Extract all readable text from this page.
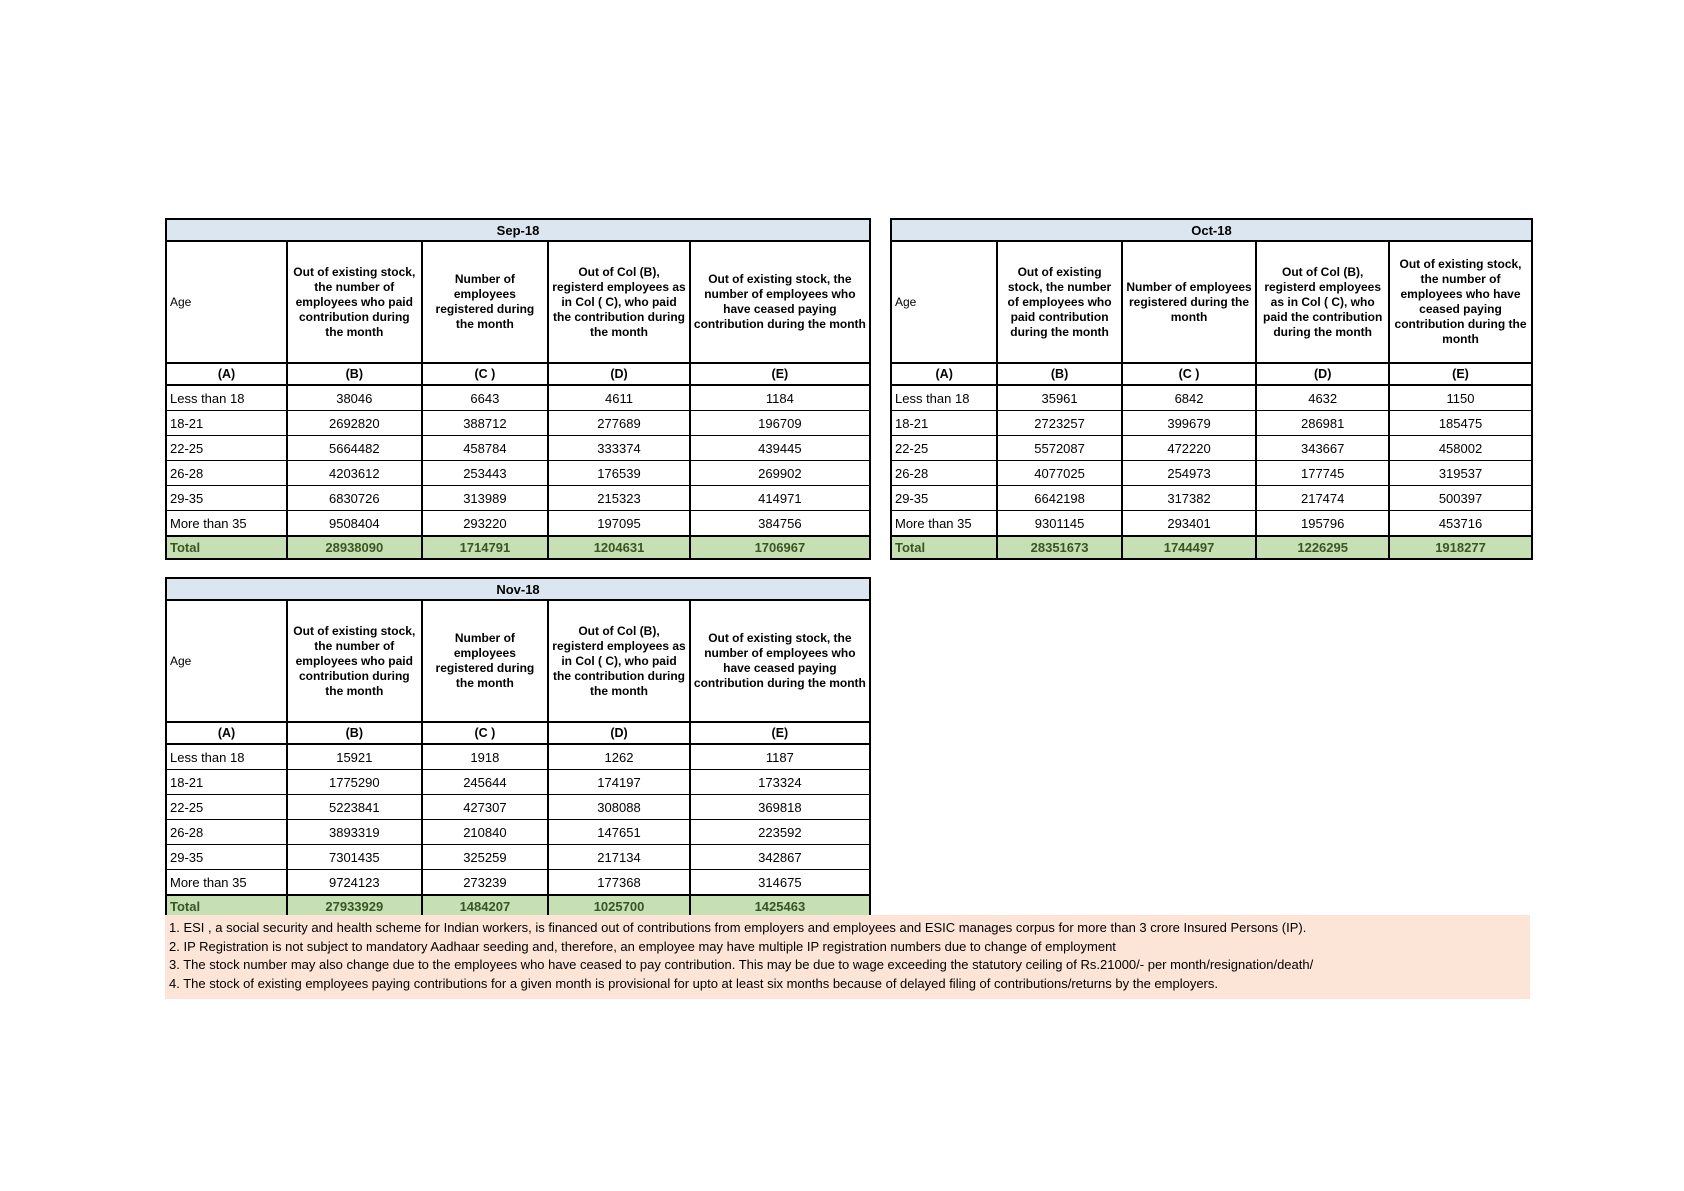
Sep-18				
Age	Out of existing stock, the number of employees who paid contribution during the month	Number of employees registered during the month	Out of Col (B), registerd employees as in Col ( C), who paid the contribution during the month	Out of existing stock, the number of employees who have ceased paying contribution during the month
(A)	(B)	(C )	(D)	(E)
Less than 18	38046	6643	4611	1184
18-21	2692820	388712	277689	196709
22-25	5664482	458784	333374	439445
26-28	4203612	253443	176539	269902
29-35	6830726	313989	215323	414971
More than 35	9508404	293220	197095	384756
Total	28938090	1714791	1204631	1706967
Oct-18				
Age	Out of existing stock, the number of employees who paid contribution during the month	Number of employees registered during the month	Out of Col (B), registerd employees as in Col ( C), who paid the contribution during the month	Out of existing stock, the number of employees who have ceased paying contribution during the month
(A)	(B)	(C )	(D)	(E)
Less than 18	35961	6842	4632	1150
18-21	2723257	399679	286981	185475
22-25	5572087	472220	343667	458002
26-28	4077025	254973	177745	319537
29-35	6642198	317382	217474	500397
More than 35	9301145	293401	195796	453716
Total	28351673	1744497	1226295	1918277
Nov-18				
Age	Out of existing stock, the number of employees who paid contribution during the month	Number of employees registered during the month	Out of Col (B), registerd employees as in Col ( C), who paid the contribution during the month	Out of existing stock, the number of employees who have ceased paying contribution during the month
(A)	(B)	(C )	(D)	(E)
Less than 18	15921	1918	1262	1187
18-21	1775290	245644	174197	173324
22-25	5223841	427307	308088	369818
26-28	3893319	210840	147651	223592
29-35	7301435	325259	217134	342867
More than 35	9724123	273239	177368	314675
Total	27933929	1484207	1025700	1425463
1. ESI , a social security and health scheme for Indian workers, is financed out of contributions from employers and employees and ESIC manages corpus for more than 3 crore Insured Persons (IP).
2. IP Registration is not subject to mandatory Aadhaar seeding and, therefore, an employee may have multiple IP registration numbers due to change of employment
3. The stock number may also change due to the employees who have ceased to pay contribution. This may be due to wage exceeding the statutory ceiling of Rs.21000/- per month/resignation/death/
4. The stock of existing employees paying contributions for a given month is provisional for upto at least six months because of delayed filing of contributions/returns by the employers.
